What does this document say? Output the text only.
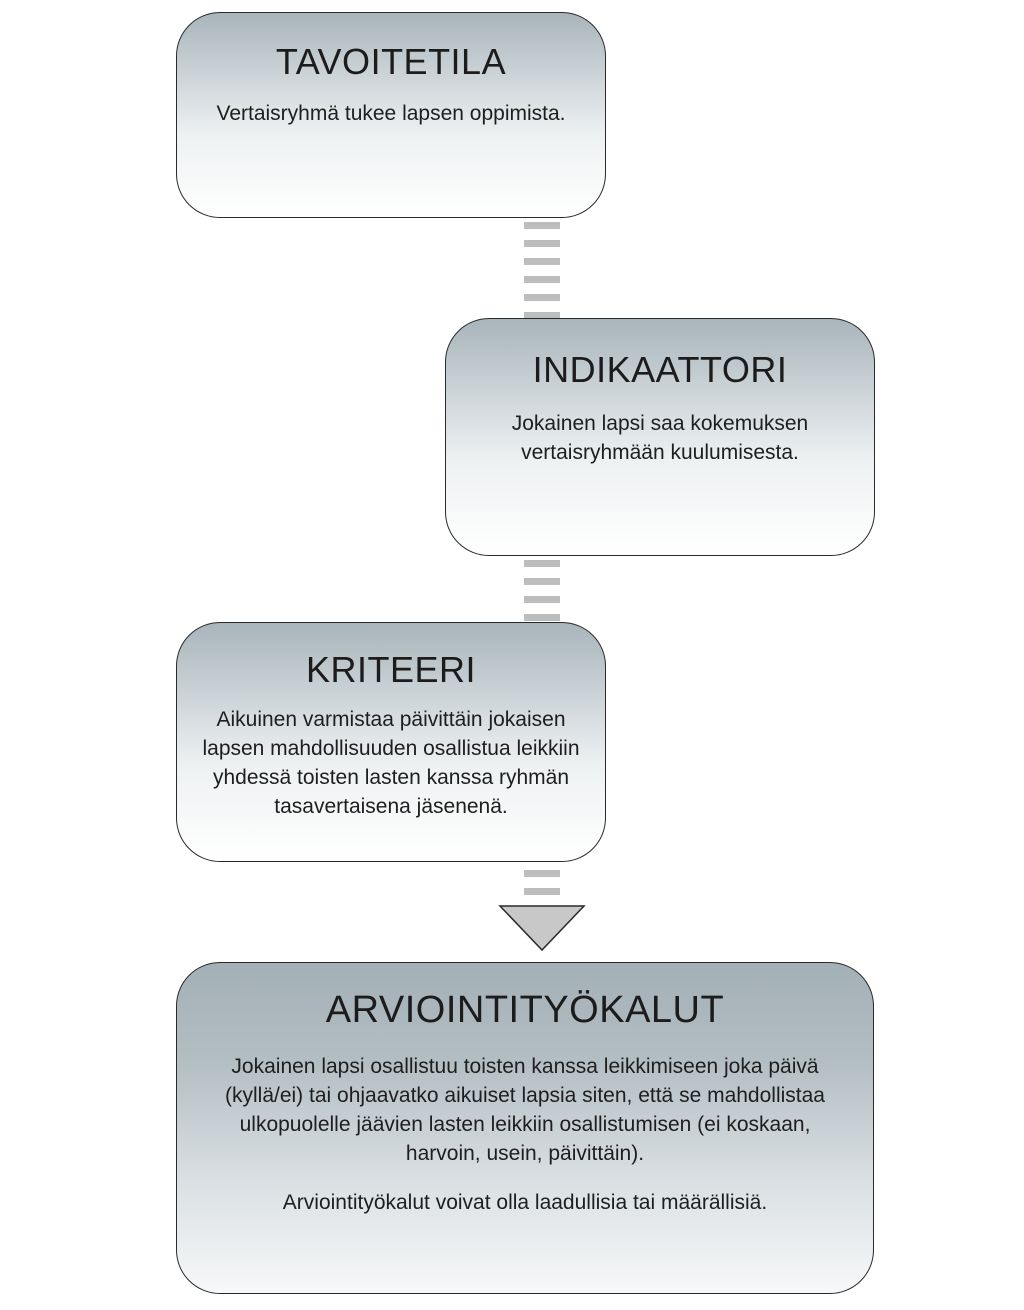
TAVOITETILA
Vertaisryhmä tukee lapsen oppimista.
INDIKAATTORI
Jokainen lapsi saa kokemuksen vertaisryhmään kuulumisesta.
KRITEERI
Aikuinen varmistaa päivittäin jokaisen lapsen mahdollisuuden osallistua leikkiin yhdessä toisten lasten kanssa ryhmän tasavertaisena jäsenenä.
ARVIOINTITYÖKALUT
Jokainen lapsi osallistuu toisten kanssa leikkimiseen joka päivä (kyllä/ei) tai ohjaavatko aikuiset lapsia siten, että se mahdollistaa ulkopuolelle jäävien lasten leikkiin osallistumisen (ei koskaan, harvoin, usein, päivittäin).
Arviointityökalut voivat olla laadullisia tai määrällisiä.
